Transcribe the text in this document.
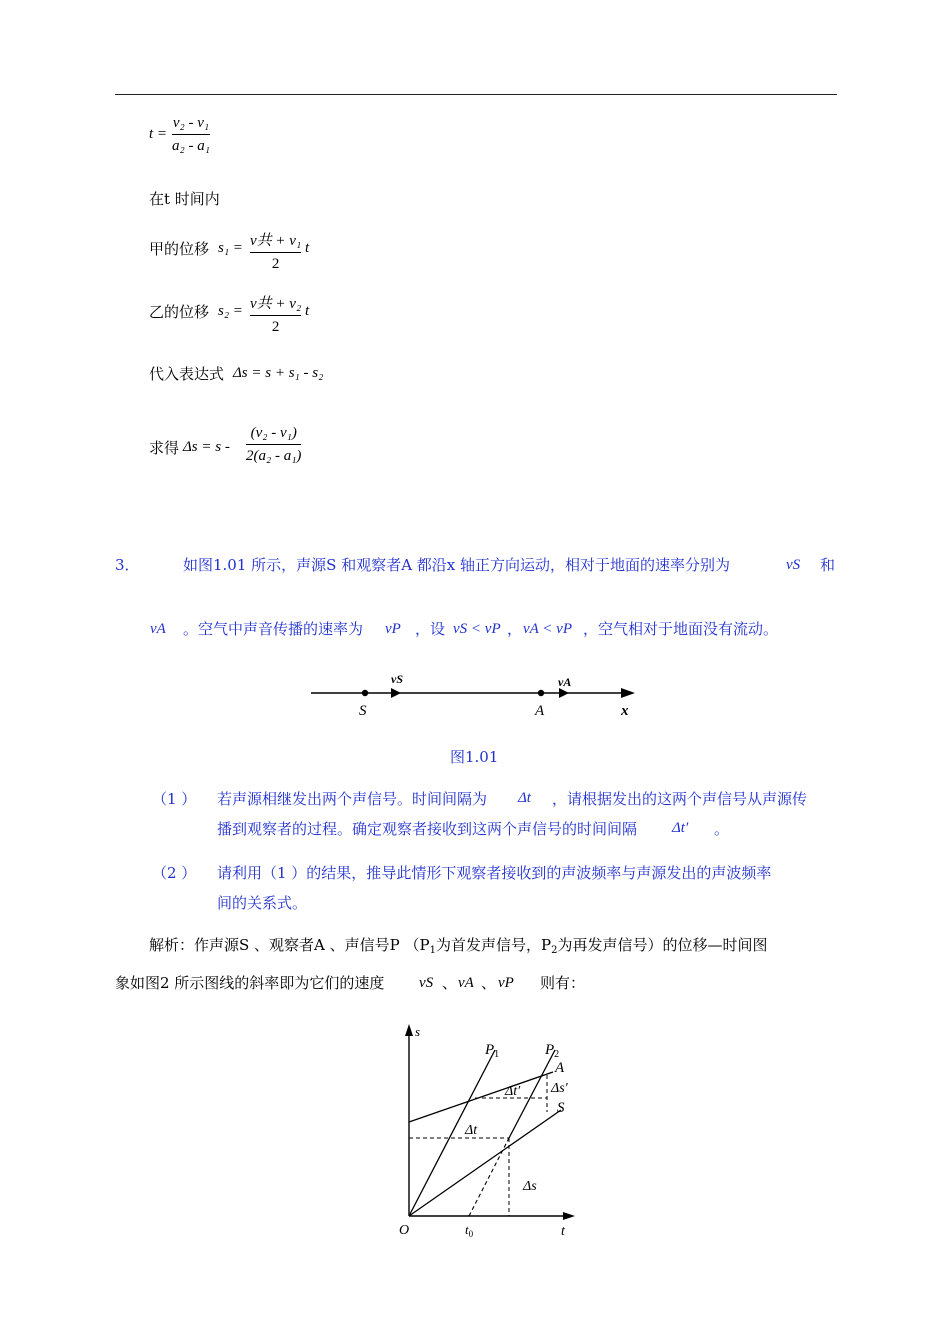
t =
v₂ - v₁
a₂ - a₁
在t 时间内
甲的位移 s₁ = v共 + v₁
2
t
乙的位移 s₂ = v共 + v₂
2
t
代入表达式 Δs = s + s₁ - s₂
求得 Δs = s -
(v₂ - v₁)
2(a₂ - a₁)
3．	如图1.01 所示，声源S 和观察者A 都沿x 轴正方向运动，相对于地面的速率分别为	vS 和
vA 。空气中声音传播的速率为 vP ，设 vS < vP ， vA < vP ，空气相对于地面没有流动。
S	A	x
vS	vA
图1.01
（1 ） 若声源相继发出两个声信号。时间间隔为 Δt ，请根据发出的这两个声信号从声源传
播到观察者的过程。确定观察者接收到这两个声信号的时间间隔 Δt′ 。
（2 ） 请利用（1 ）的结果，推导此情形下观察者接收到的声波频率与声源发出的声波频率
间的关系式。
解析：作声源S 、观察者A 、声信号P （$P_1$为首发声信号，$P_2$为再发声信号）的位移—时间图
象如图2 所示图线的斜率即为它们的速度 vS 、 vA 、 vP 则有：
s
t
O
$P_1$	$P_2$
A
S
Δt
Δt′ Δs′
Δs
$t_0$
